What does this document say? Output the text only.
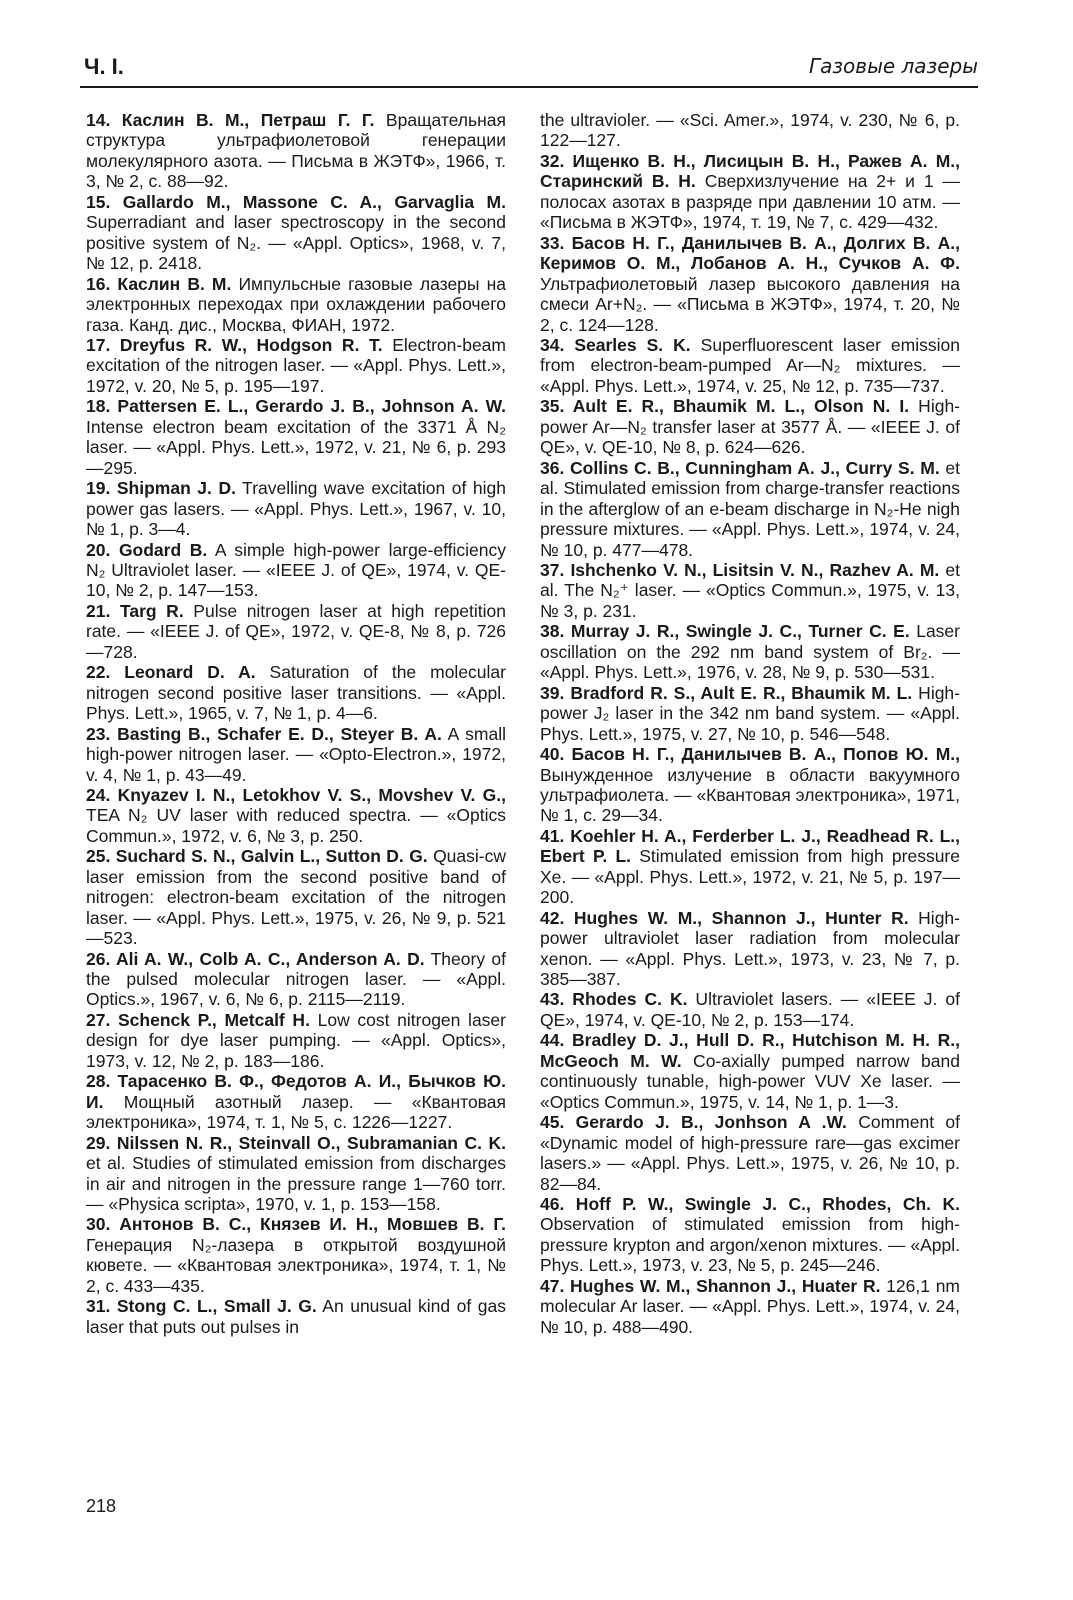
Ч. I.	Газовые лазеры

14. Каслин В. М., Петраш Г. Г. Вращательная структура ультрафиолетовой генерации молекулярного азота. — Письма в ЖЭТФ», 1966, т. 3, № 2, с. 88—92.

15. Gallardo M., Massone C. A., Garvaglia M. Superradiant and laser spectroscopy in the second positive system of N₂. — «Appl. Optics», 1968, v. 7, № 12, p. 2418.

16. Каслин В. М. Импульсные газовые лазеры на электронных переходах при охлаждении рабочего газа. Канд. дис., Москва, ФИАН, 1972.

17. Dreyfus R. W., Hodgson R. T. Electron-beam excitation of the nitrogen laser. — «Appl. Phys. Lett.», 1972, v. 20, № 5, p. 195—197.

18. Pattersen E. L., Gerardo J. B., Johnson A. W. Intense electron beam excitation of the 3371 Å N₂ laser. — «Appl. Phys. Lett.», 1972, v. 21, № 6, p. 293—295.

19. Shipman J. D. Travelling wave excitation of high power gas lasers. — «Appl. Phys. Lett.», 1967, v. 10, № 1, p. 3—4.

20. Godard B. A simple high-power large-efficiency N₂ Ultraviolet laser. — «IEEE J. of QE», 1974, v. QE-10, № 2, p. 147—153.

21. Targ R. Pulse nitrogen laser at high repetition rate. — «IEEE J. of QE», 1972, v. QE-8, № 8, p. 726—728.

22. Leonard D. A. Saturation of the molecular nitrogen second positive laser transitions. — «Appl. Phys. Lett.», 1965, v. 7, № 1, p. 4—6.

23. Basting B., Schafer E. D., Steyer B. A. A small high-power nitrogen laser. — «Opto-Electron.», 1972, v. 4, № 1, p. 43—49.

24. Knyazev I. N., Letokhov V. S., Movshev V. G., TEA N₂ UV laser with reduced spectra. — «Optics Commun.», 1972, v. 6, № 3, p. 250.

25. Suchard S. N., Galvin L., Sutton D. G. Quasi-cw laser emission from the second positive band of nitrogen: electron-beam excitation of the nitrogen laser. — «Appl. Phys. Lett.», 1975, v. 26, № 9, p. 521—523.

26. Ali A. W., Colb A. C., Anderson A. D. Theory of the pulsed molecular nitrogen laser. — «Appl. Optics.», 1967, v. 6, № 6, p. 2115—2119.

27. Schenck P., Metcalf H. Low cost nitrogen laser design for dye laser pumping. — «Appl. Optics», 1973, v. 12, № 2, p. 183—186.

28. Тарасенко В. Ф., Федотов А. И., Бычков Ю. И. Мощный азотный лазер. — «Квантовая электроника», 1974, т. 1, № 5, с. 1226—1227.

29. Nilssen N. R., Steinvall O., Subramanian C. K. et al. Studies of stimulated emission from discharges in air and nitrogen in the pressure range 1—760 torr. — «Physica scripta», 1970, v. 1, p. 153—158.

30. Антонов В. С., Князев И. Н., Мовшев В. Г. Генерация N₂-лазера в открытой воздушной кювете. — «Квантовая электроника», 1974, т. 1, № 2, с. 433—435.

31. Stong C. L., Small J. G. An unusual kind of gas laser that puts out pulses in

the ultravioler. — «Sci. Amer.», 1974, v. 230, № 6, p. 122—127.

32. Ищенко В. Н., Лисицын В. Н., Ражев А. М., Старинский В. Н. Сверхизлучение на 2+ и 1 — полосах азотах в разряде при давлении 10 атм. — «Письма в ЖЭТФ», 1974, т. 19, № 7, с. 429—432.

33. Басов Н. Г., Данилычев В. А., Долгих В. А., Керимов О. М., Лобанов А. Н., Сучков А. Ф. Ультрафиолетовый лазер высокого давления на смеси Ar+N₂. — «Письма в ЖЭТФ», 1974, т. 20, № 2, с. 124—128.

34. Searles S. K. Superfluorescent laser emission from electron-beam-pumped Ar—N₂ mixtures. — «Appl. Phys. Lett.», 1974, v. 25, № 12, p. 735—737.

35. Ault E. R., Bhaumik M. L., Olson N. I. High-power Ar—N₂ transfer laser at 3577 Å. — «IEEE J. of QE», v. QE-10, № 8, p. 624—626.

36. Collins C. B., Cunningham A. J., Curry S. M. et al. Stimulated emission from charge-transfer reactions in the afterglow of an e-beam discharge in N₂-He nigh pressure mixtures. — «Appl. Phys. Lett.», 1974, v. 24, № 10, p. 477—478.

37. Ishchenko V. N., Lisitsin V. N., Razhev A. M. et al. The N₂⁺ laser. — «Optics Commun.», 1975, v. 13, № 3, p. 231.

38. Murray J. R., Swingle J. C., Turner C. E. Laser oscillation on the 292 nm band system of Br₂. — «Appl. Phys. Lett.», 1976, v. 28, № 9, p. 530—531.

39. Bradford R. S., Ault E. R., Bhaumik M. L. High-power J₂ laser in the 342 nm band system. — «Appl. Phys. Lett.», 1975, v. 27, № 10, p. 546—548.

40. Басов Н. Г., Данилычев В. А., Попов Ю. М., Вынужденное излучение в области вакуумного ультрафиолета. — «Квантовая электроника», 1971, № 1, с. 29—34.

41. Koehler H. A., Ferderber L. J., Readhead R. L., Ebert P. L. Stimulated emission from high pressure Xe. — «Appl. Phys. Lett.», 1972, v. 21, № 5, p. 197—200.

42. Hughes W. M., Shannon J., Hunter R. High-power ultraviolet laser radiation from molecular xenon. — «Appl. Phys. Lett.», 1973, v. 23, № 7, p. 385—387.

43. Rhodes C. K. Ultraviolet lasers. — «IEEE J. of QE», 1974, v. QE-10, № 2, p. 153—174.

44. Bradley D. J., Hull D. R., Hutchison M. H. R., McGeoch M. W. Co-axially pumped narrow band continuously tunable, high-power VUV Xe laser. — «Optics Commun.», 1975, v. 14, № 1, p. 1—3.

45. Gerardo J. B., Jonhson A .W. Comment of «Dynamic model of high-pressure rare—gas excimer lasers.» — «Appl. Phys. Lett.», 1975, v. 26, № 10, p. 82—84.

46. Hoff P. W., Swingle J. C., Rhodes, Ch. K. Observation of stimulated emission from high-pressure krypton and argon/xenon mixtures. — «Appl. Phys. Lett.», 1973, v. 23, № 5, p. 245—246.

47. Hughes W. M., Shannon J., Huater R. 126,1 nm molecular Ar laser. — «Appl. Phys. Lett.», 1974, v. 24, № 10, p. 488—490.

218
